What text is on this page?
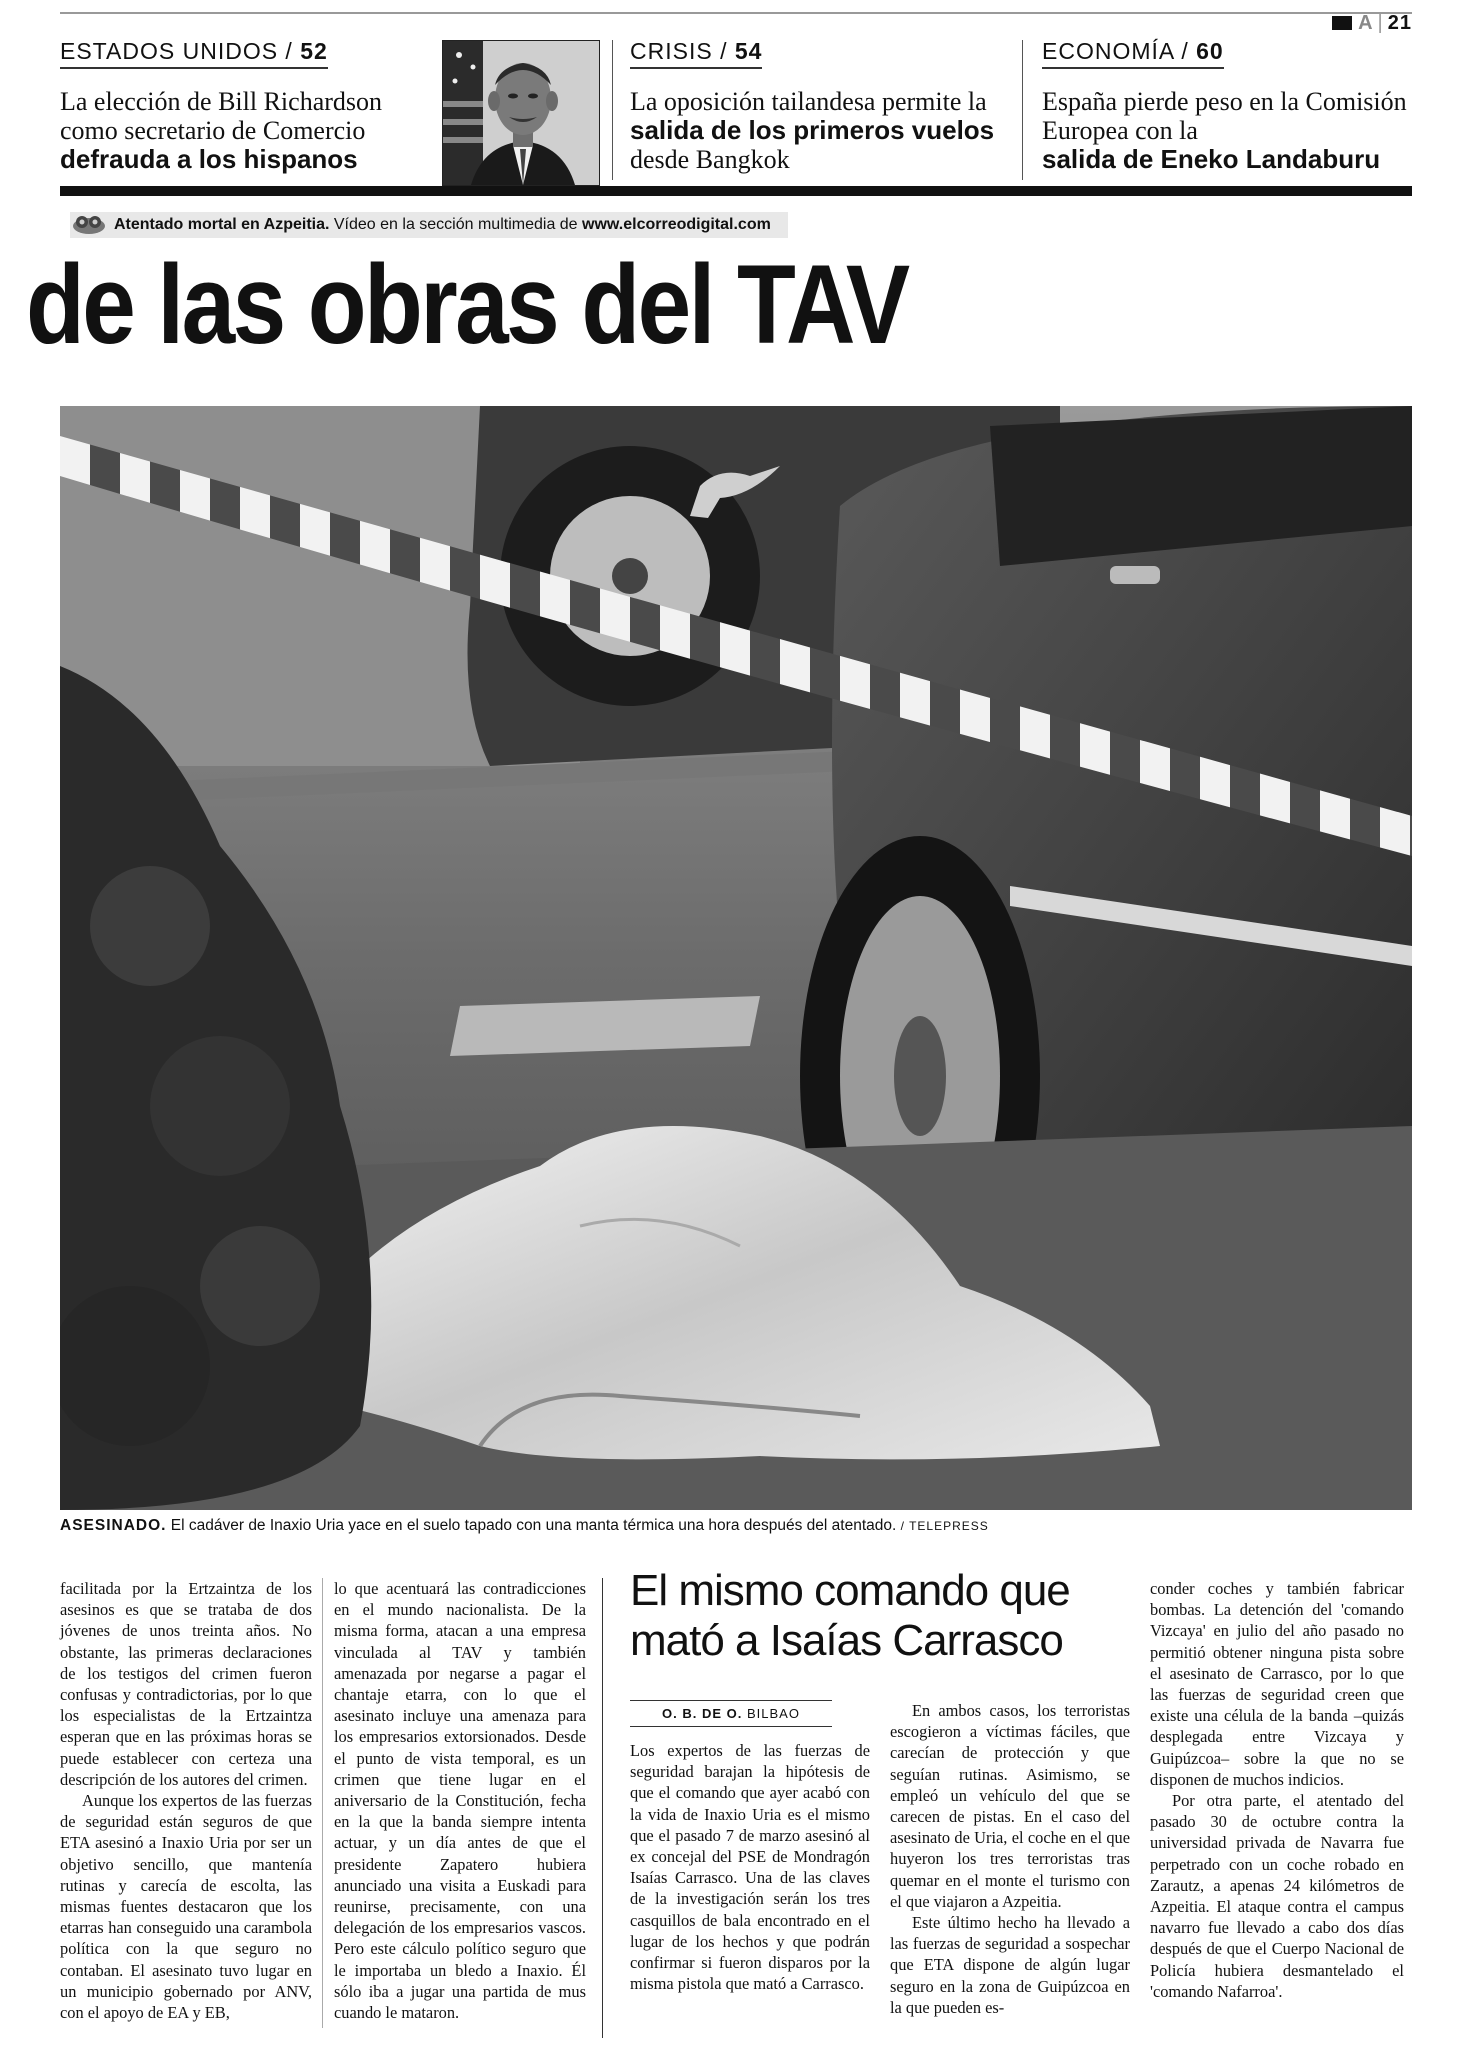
A | 21
ESTADOS UNIDOS / 52
La elección de Bill Richardson como secretario de Comercio
defrauda a los hispanos
CRISIS / 54
La oposición tailandesa permite la salida de los primeros vuelos desde Bangkok
ECONOMÍA / 60
España pierde peso en la Comisión Europea con la
salida de Eneko Landaburu
Atentado mortal en Azpeitia. Vídeo en la sección multimedia de www.elcorreodigital.com
de las obras del TAV
ASESINADO. El cadáver de Inaxio Uria yace en el suelo tapado con una manta térmica una hora después del atentado. / TELEPRESS

facilitada por la Ertzaintza de los asesinos es que se trataba de dos jóvenes de unos treinta años. No obstante, las primeras declaraciones de los testigos del crimen fueron confusas y contradictorias, por lo que los especialistas de la Ertzaintza esperan que en las próximas horas se puede establecer con certeza una descripción de los autores del crimen.

Aunque los expertos de las fuerzas de seguridad están seguros de que ETA asesinó a Inaxio Uria por ser un objetivo sencillo, que mantenía rutinas y carecía de escolta, las mismas fuentes destacaron que los etarras han conseguido una carambola política con la que seguro no contaban. El asesinato tuvo lugar en un municipio gobernado por ANV, con el apoyo de EA y EB,

lo que acentuará las contradicciones en el mundo nacionalista. De la misma forma, atacan a una empresa vinculada al TAV y también amenazada por negarse a pagar el chantaje etarra, con lo que el asesinato incluye una amenaza para los empresarios extorsionados. Desde el punto de vista temporal, es un crimen que tiene lugar en el aniversario de la Constitución, fecha en la que la banda siempre intenta actuar, y un día antes de que el presidente Zapatero hubiera anunciado una visita a Euskadi para reunirse, precisamente, con una delegación de los empresarios vascos. Pero este cálculo político seguro que le importaba un bledo a Inaxio. Él sólo iba a jugar una partida de mus cuando le mataron.

El mismo comando que mató a Isaías Carrasco
O. B. DE O. BILBAO

Los expertos de las fuerzas de seguridad barajan la hipótesis de que el comando que ayer acabó con la vida de Inaxio Uria es el mismo que el pasado 7 de marzo asesinó al ex concejal del PSE de Mondragón Isaías Carrasco. Una de las claves de la investigación serán los tres casquillos de bala encontrado en el lugar de los hechos y que podrán confirmar si fueron disparos por la misma pistola que mató a Carrasco.

En ambos casos, los terroristas escogieron a víctimas fáciles, que carecían de protección y que seguían rutinas. Asimismo, se empleó un vehículo del que se carecen de pistas. En el caso del asesinato de Uria, el coche en el que huyeron los tres terroristas tras quemar en el monte el turismo con el que viajaron a Azpeitia.

Este último hecho ha llevado a las fuerzas de seguridad a sospechar que ETA dispone de algún lugar seguro en la zona de Guipúzcoa en la que pueden es-

conder coches y también fabricar bombas. La detención del 'comando Vizcaya' en julio del año pasado no permitió obtener ninguna pista sobre el asesinato de Carrasco, por lo que las fuerzas de seguridad creen que existe una célula de la banda –quizás desplegada entre Vizcaya y Guipúzcoa– sobre la que no se disponen de muchos indicios.

Por otra parte, el atentado del pasado 30 de octubre contra la universidad privada de Navarra fue perpetrado con un coche robado en Zarautz, a apenas 24 kilómetros de Azpeitia. El ataque contra el campus navarro fue llevado a cabo dos días después de que el Cuerpo Nacional de Policía hubiera desmantelado el 'comando Nafarroa'.
